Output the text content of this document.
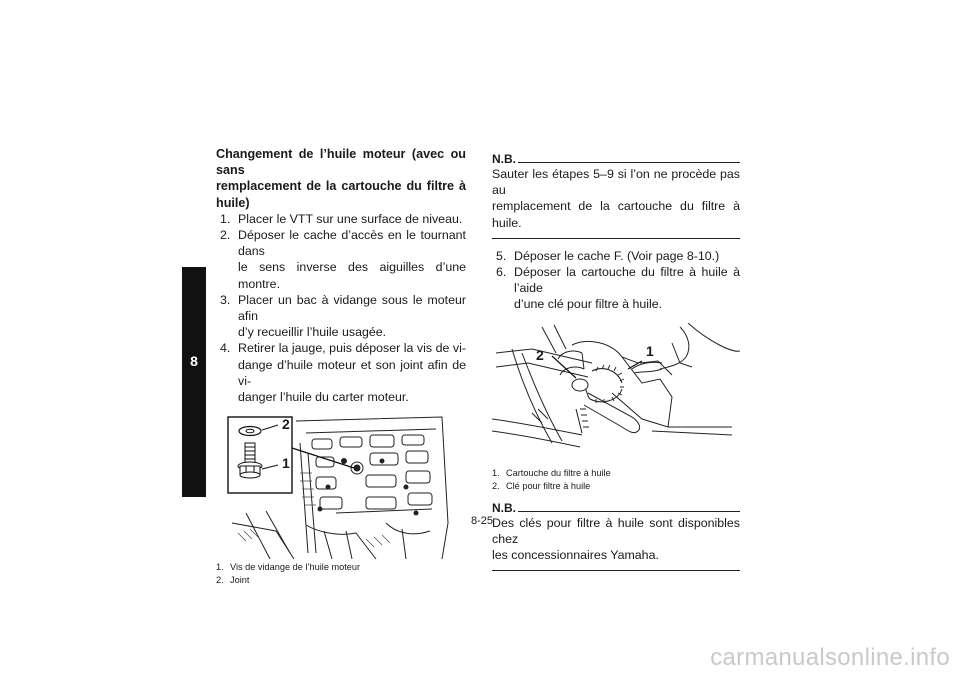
8
Changement de l’huile moteur (avec ou sans
remplacement de la cartouche du filtre à huile)
1. Placer le VTT sur une surface de niveau.
2. Déposer le cache d’accès en le tournant dans
le sens inverse des aiguilles d’une montre.
3. Placer un bac à vidange sous le moteur afin
d’y recueillir l’huile usagée.
4. Retirer la jauge, puis déposer la vis de vi-
dange d’huile moteur et son joint afin de vi-
danger l’huile du carter moteur.
2
1
1. Vis de vidange de l’huile moteur
2. Joint
N.B.
Sauter les étapes 5–9 si l’on ne procède pas au
remplacement de la cartouche du filtre à huile.
5. Déposer le cache F. (Voir page 8-10.)
6. Déposer la cartouche du filtre à huile à l’aide
d’une clé pour filtre à huile.
2	1
1. Cartouche du filtre à huile
2. Clé pour filtre à huile
N.B.
Des clés pour filtre à huile sont disponibles chez
les concessionnaires Yamaha.
8-25
carmanualsonline.info
